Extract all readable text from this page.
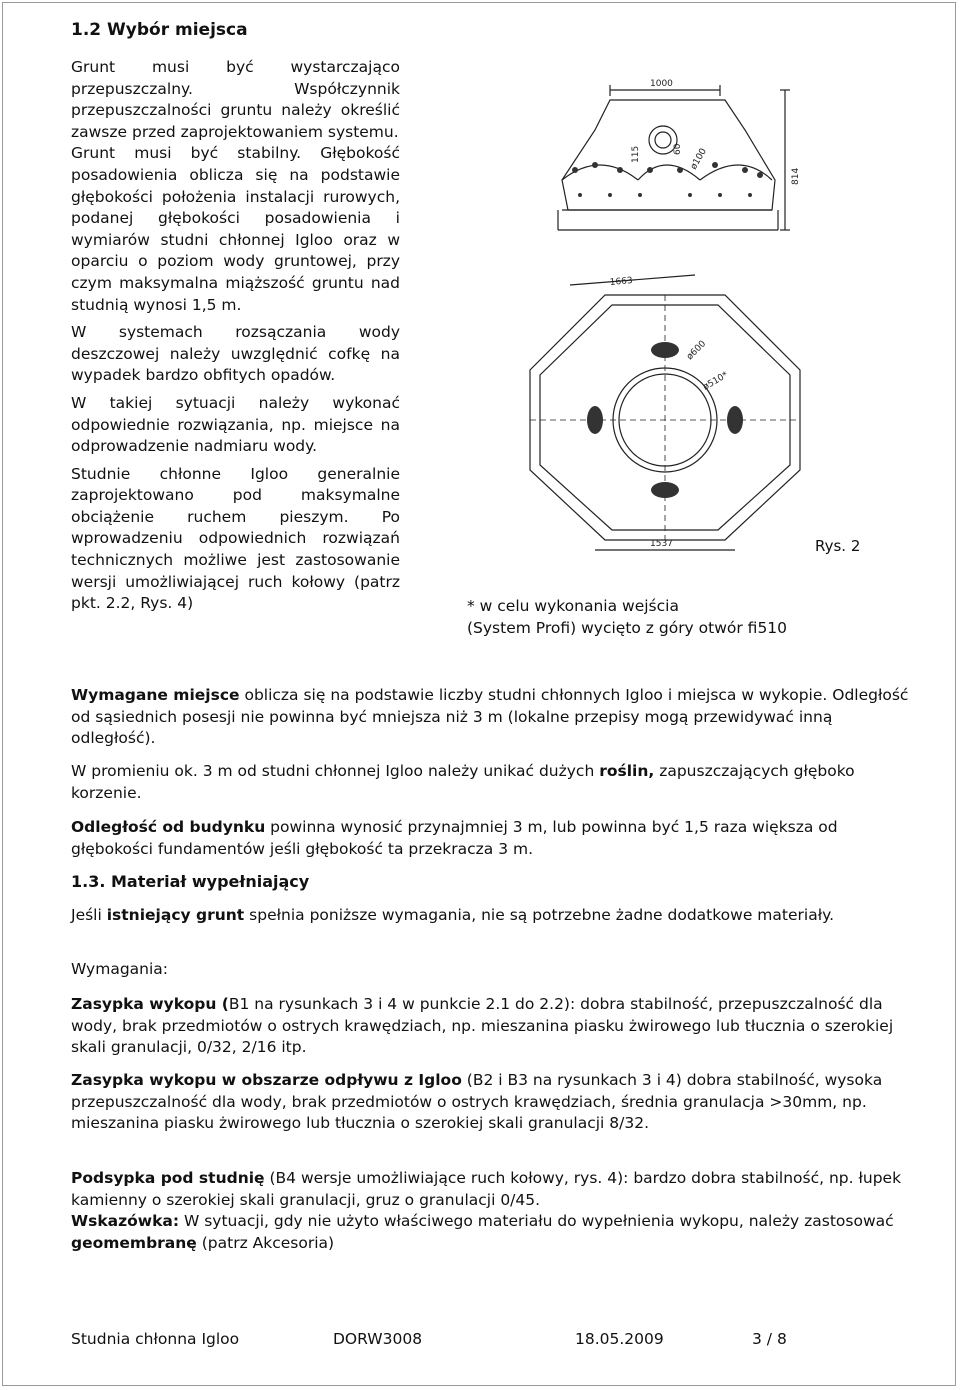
1.2 Wybór miejsca

Grunt musi być wystarczająco przepuszczalny. Współczynnik przepuszczalności gruntu należy określić zawsze przed zaprojektowaniem systemu.

Grunt musi być stabilny. Głębokość posadowienia oblicza się na podstawie głębokości położenia instalacji rurowych, podanej głębokości posadowienia i wymiarów studni chłonnej Igloo oraz w oparciu o poziom wody gruntowej, przy czym maksymalna miąższość gruntu nad studnią wynosi 1,5 m.

W systemach rozsączania wody deszczowej należy uwzględnić cofkę na wypadek bardzo obfitych opadów.

W takiej sytuacji należy wykonać odpowiednie rozwiązania, np. miejsce na odprowadzenie nadmiaru wody.

Studnie chłonne Igloo generalnie zaprojektowano pod maksymalne obciążenie ruchem pieszym. Po wprowadzeniu odpowiednich rozwiązań technicznych możliwe jest zastosowanie wersji umożliwiającej ruch kołowy (patrz pkt. 2.2, Rys. 4)

1000
115	60 ø100
814
1663
ø600
ø510*
1537	Rys. 2
* w celu wykonania wejścia
(System Profi) wycięto z góry otwór fi510

Wymagane miejsce oblicza się na podstawie liczby studni chłonnych Igloo i miejsca w wykopie. Odległość od sąsiednich posesji nie powinna być mniejsza niż 3 m (lokalne przepisy mogą przewidywać inną odległość).

W promieniu ok. 3 m od studni chłonnej Igloo należy unikać dużych roślin, zapuszczających głęboko korzenie.

Odległość od budynku powinna wynosić przynajmniej 3 m, lub powinna być 1,5 raza większa od głębokości fundamentów jeśli głębokość ta przekracza 3 m.

1.3. Materiał wypełniający

Jeśli istniejący grunt spełnia poniższe wymagania, nie są potrzebne żadne dodatkowe materiały.

Wymagania:

Zasypka wykopu (B1 na rysunkach 3 i 4 w punkcie 2.1 do 2.2): dobra stabilność, przepuszczalność dla wody, brak przedmiotów o ostrych krawędziach, np. mieszanina piasku żwirowego lub tłucznia o szerokiej skali granulacji, 0/32, 2/16 itp.

Zasypka wykopu w obszarze odpływu z Igloo (B2 i B3 na rysunkach 3 i 4) dobra stabilność, wysoka przepuszczalność dla wody, brak przedmiotów o ostrych krawędziach, średnia granulacja >30mm, np. mieszanina piasku żwirowego lub tłucznia o szerokiej skali granulacji 8/32.

Podsypka pod studnię (B4 wersje umożliwiające ruch kołowy, rys. 4): bardzo dobra stabilność, np. łupek kamienny o szerokiej skali granulacji, gruz o granulacji 0/45.

Wskazówka: W sytuacji, gdy nie użyto właściwego materiału do wypełnienia wykopu, należy zastosować geomembranę (patrz Akcesoria)

Studnia chłonna Igloo	DORW3008	18.05.2009	3 / 8
